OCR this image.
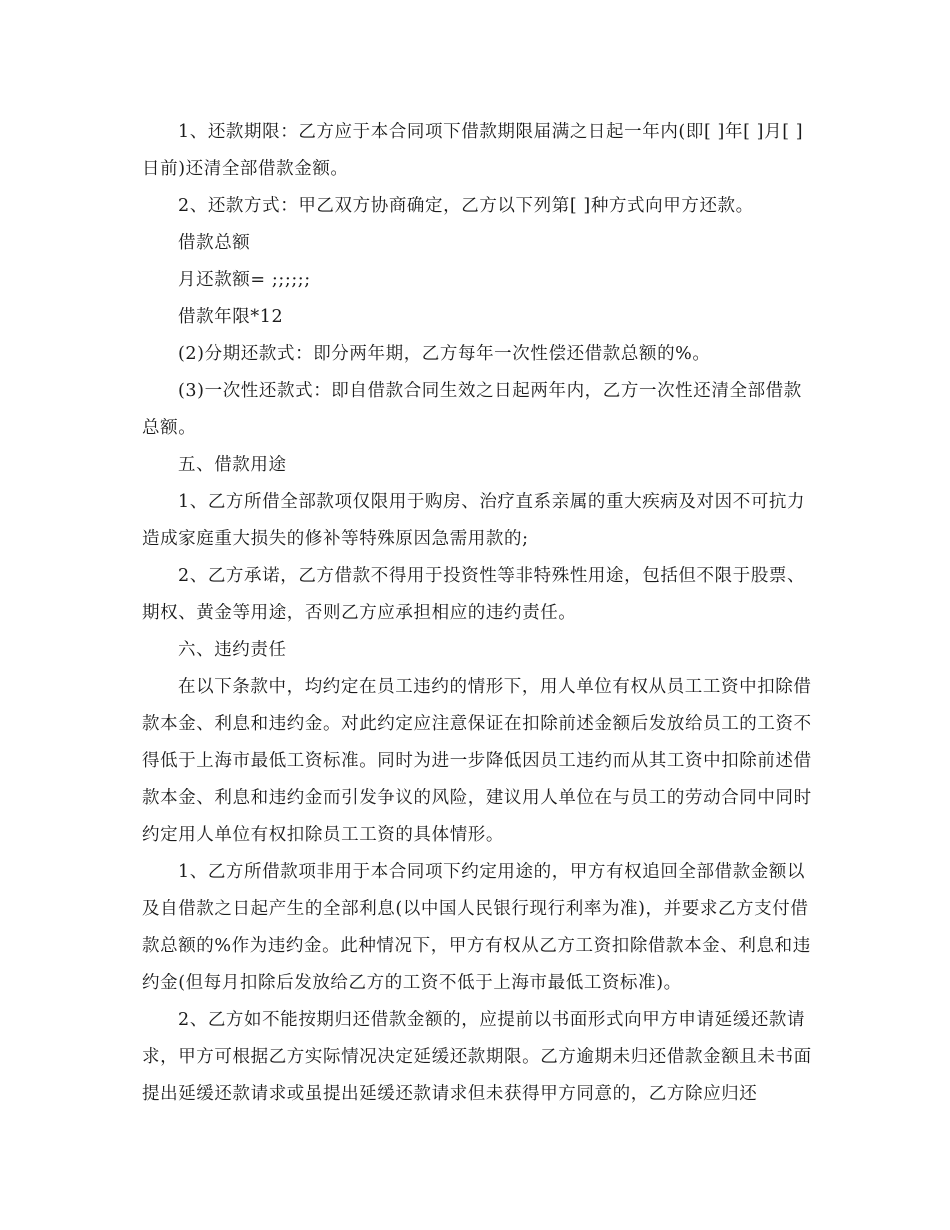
1、还款期限：乙方应于本合同项下借款期限届满之日起一年内(即[ ]年[ ]月[ ]日前)还清全部借款金额。

2、还款方式：甲乙双方协商确定，乙方以下列第[ ]种方式向甲方还款。

借款总额

月还款额= ;;;;;;

借款年限*12

(2)分期还款式：即分两年期，乙方每年一次性偿还借款总额的%。

(3)一次性还款式：即自借款合同生效之日起两年内，乙方一次性还清全部借款总额。

五、借款用途

1、乙方所借全部款项仅限用于购房、治疗直系亲属的重大疾病及对因不可抗力造成家庭重大损失的修补等特殊原因急需用款的;

2、乙方承诺，乙方借款不得用于投资性等非特殊性用途，包括但不限于股票、期权、黄金等用途，否则乙方应承担相应的违约责任。

六、违约责任

在以下条款中，均约定在员工违约的情形下，用人单位有权从员工工资中扣除借款本金、利息和违约金。对此约定应注意保证在扣除前述金额后发放给员工的工资不得低于上海市最低工资标准。同时为进一步降低因员工违约而从其工资中扣除前述借款本金、利息和违约金而引发争议的风险，建议用人单位在与员工的劳动合同中同时约定用人单位有权扣除员工工资的具体情形。

1、乙方所借款项非用于本合同项下约定用途的，甲方有权追回全部借款金额以及自借款之日起产生的全部利息(以中国人民银行现行利率为准)，并要求乙方支付借款总额的%作为违约金。此种情况下，甲方有权从乙方工资扣除借款本金、利息和违约金(但每月扣除后发放给乙方的工资不低于上海市最低工资标准)。

2、乙方如不能按期归还借款金额的，应提前以书面形式向甲方申请延缓还款请求，甲方可根据乙方实际情况决定延缓还款期限。乙方逾期未归还借款金额且未书面提出延缓还款请求或虽提出延缓还款请求但未获得甲方同意的，乙方除应归还
